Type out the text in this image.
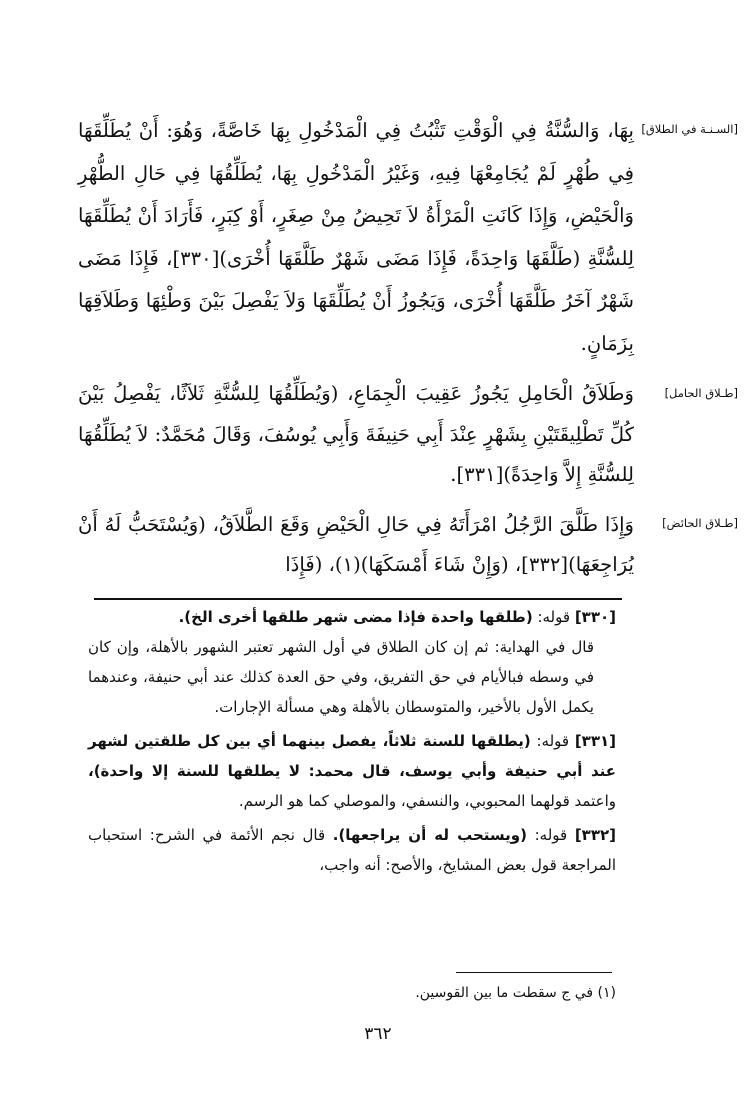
[السـنـة في الطلاق]
[طـلاق الحامل]
[طـلاق الحائض]
بِهَا، وَالسُّنَّةُ فِي الْوَقْتِ تَثْبُتُ فِي الْمَدْخُولِ بِهَا خَاصَّةً، وَهُوَ: أَنْ يُطَلِّقَهَا فِي طُهْرٍ لَمْ يُجَامِعْهَا فِيهِ، وَغَيْرُ الْمَدْخُولِ بِهَا، يُطَلِّقُهَا فِي حَالِ الطُّهْرِ وَالْحَيْضِ، وَإِذَا كَانَتِ الْمَرْأَةُ لاَ تَحِيضُ مِنْ صِغَرٍ، أَوْ كِبَرٍ، فَأَرَادَ أَنْ يُطَلِّقَهَا لِلسُّنَّةِ (طَلَّقَهَا وَاحِدَةً، فَإِذَا مَضَى شَهْرٌ طَلَّقَهَا أُخْرَى)[٣٣٠]، فَإِذَا مَضَى شَهْرٌ آخَرُ طَلَّقَهَا أُخْرَى، وَيَجُوزُ أَنْ يُطَلِّقَهَا وَلاَ يَفْصِلَ بَيْنَ وَطْئِهَا وَطَلاَقِهَا بِزَمَانٍ.
وَطَلاَقُ الْحَامِلِ يَجُوزُ عَقِيبَ الْجِمَاعِ، (وَيُطَلِّقُهَا لِلسُّنَّةِ ثَلاَثًا، يَفْصِلُ بَيْنَ كُلِّ تَطْلِيقَتَيْنِ بِشَهْرٍ عِنْدَ أَبِي حَنِيفَةَ وَأَبِي يُوسُفَ، وَقَالَ مُحَمَّدٌ: لاَ يُطَلِّقُهَا لِلسُّنَّةِ إِلاَّ وَاحِدَةً)[٣٣١].
وَإِذَا طَلَّقَ الرَّجُلُ امْرَأَتَهُ فِي حَالِ الْحَيْضِ وَقَعَ الطَّلاَقُ، (وَيُسْتَحَبُّ لَهُ أَنْ يُرَاجِعَهَا)[٣٣٢]، (وَإِنْ شَاءَ أَمْسَكَهَا)(١)، (فَإِذَا
[٣٣٠] قوله: (طلقها واحدة فإذا مضى شهر طلقها أخرى الخ).
قال في الهداية: ثم إن كان الطلاق في أول الشهر تعتبر الشهور بالأهلة، وإن كان في وسطه فبالأيام في حق التفريق، وفي حق العدة كذلك عند أبي حنيفة، وعندهما يكمل الأول بالأخير، والمتوسطان بالأهلة وهي مسألة الإجارات.
[٣٣١] قوله: (يطلقها للسنة ثلاثاً، يفصل بينهما أي بين كل طلقتين لشهر عند أبي حنيفة وأبي يوسف، قال محمد: لا يطلقها للسنة إلا واحدة)، واعتمد قولهما المحبوبي، والنسفي، والموصلي كما هو الرسم.
[٣٣٢] قوله: (ويستحب له أن يراجعها). قال نجم الأئمة في الشرح: استحباب المراجعة قول بعض المشايخ، والأصح: أنه واجب،
(١) في ج سقطت ما بين القوسين.
٣٦٢
